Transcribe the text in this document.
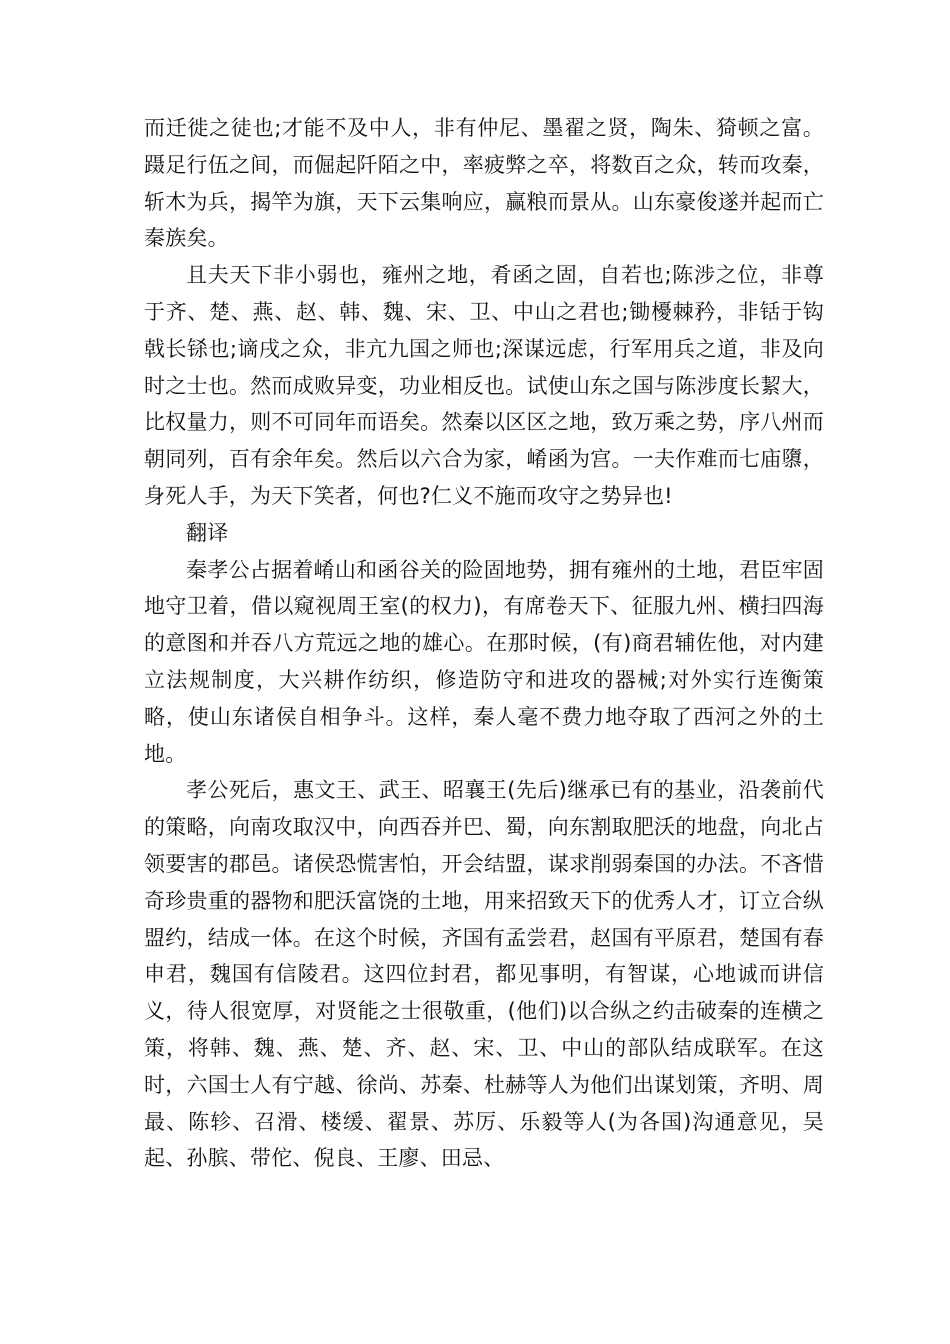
而迁徙之徒也;才能不及中人，非有仲尼、墨翟之贤，陶朱、猗顿之富。蹑足行伍之间，而倔起阡陌之中，率疲弊之卒，将数百之众，转而攻秦，斩木为兵，揭竿为旗，天下云集响应，赢粮而景从。山东豪俊遂并起而亡秦族矣。

且夫天下非小弱也，雍州之地，肴函之固，自若也;陈涉之位，非尊于齐、楚、燕、赵、韩、魏、宋、卫、中山之君也;锄櫌棘矜，非铦于钩戟长铩也;谪戌之众，非亢九国之师也;深谋远虑，行军用兵之道，非及向时之士也。然而成败异变，功业相反也。试使山东之国与陈涉度长絜大，比权量力，则不可同年而语矣。然秦以区区之地，致万乘之势，序八州而朝同列，百有余年矣。然后以六合为家，崤函为宫。一夫作难而七庙隳，身死人手，为天下笑者，何也?仁义不施而攻守之势异也!

翻译

秦孝公占据着崤山和函谷关的险固地势，拥有雍州的土地，君臣牢固地守卫着，借以窥视周王室(的权力)，有席卷天下、征服九州、横扫四海的意图和并吞八方荒远之地的雄心。在那时候，(有)商君辅佐他，对内建立法规制度，大兴耕作纺织，修造防守和进攻的器械;对外实行连衡策略，使山东诸侯自相争斗。这样，秦人毫不费力地夺取了西河之外的土地。

孝公死后，惠文王、武王、昭襄王(先后)继承已有的基业，沿袭前代的策略，向南攻取汉中，向西吞并巴、蜀，向东割取肥沃的地盘，向北占领要害的郡邑。诸侯恐慌害怕，开会结盟，谋求削弱秦国的办法。不吝惜奇珍贵重的器物和肥沃富饶的土地，用来招致天下的优秀人才，订立合纵盟约，结成一体。在这个时候，齐国有孟尝君，赵国有平原君，楚国有春申君，魏国有信陵君。这四位封君，都见事明，有智谋，心地诚而讲信义，待人很宽厚，对贤能之士很敬重，(他们)以合纵之约击破秦的连横之策，将韩、魏、燕、楚、齐、赵、宋、卫、中山的部队结成联军。在这时，六国士人有宁越、徐尚、苏秦、杜赫等人为他们出谋划策，齐明、周最、陈轸、召滑、楼缓、翟景、苏厉、乐毅等人(为各国)沟通意见，吴起、孙膑、带佗、倪良、王廖、田忌、
